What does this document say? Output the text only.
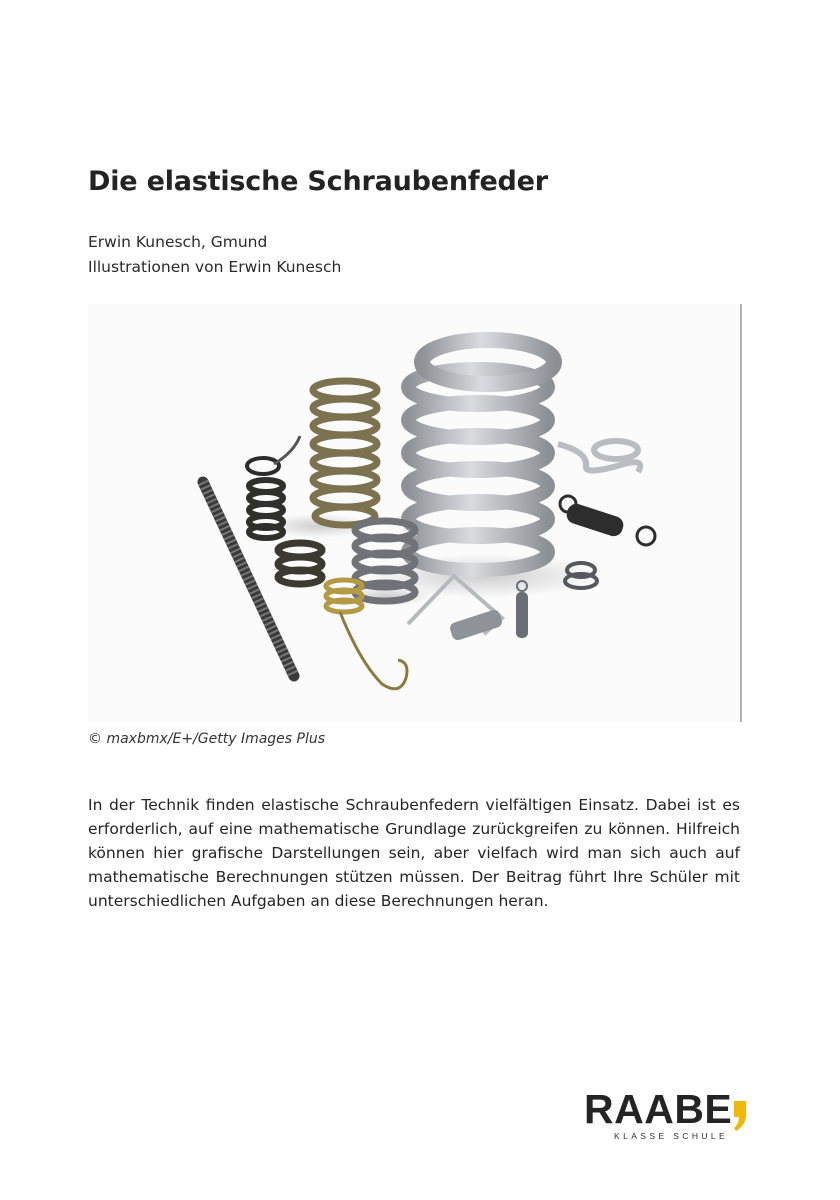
Die elastische Schraubenfeder
Erwin Kunesch, Gmund
Illustrationen von Erwin Kunesch
© maxbmx/E+/Getty Images Plus

In der Technik finden elastische Schraubenfedern vielfältigen Einsatz. Dabei ist es erforderlich, auf eine mathematische Grundlage zurückgreifen zu können. Hilfreich können hier grafische Darstellungen sein, aber vielfach wird man sich auch auf mathematische Berechnungen stützen müssen. Der Beitrag führt Ihre Schüler mit unterschiedlichen Aufgaben an diese Berechnungen heran.

RAABE
KLASSE SCHULE
